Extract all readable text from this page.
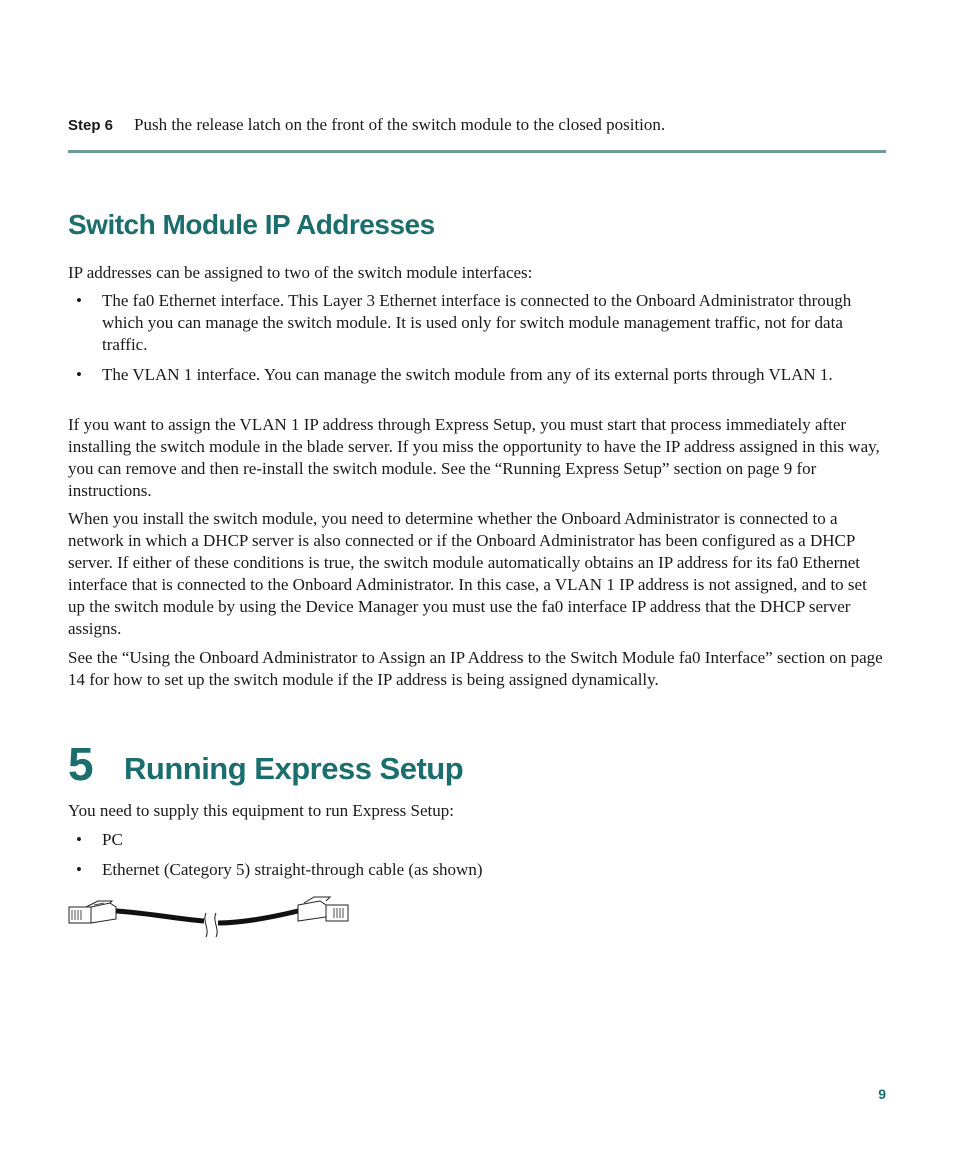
Step 6 Push the release latch on the front of the switch module to the closed position.
Switch Module IP Addresses
IP addresses can be assigned to two of the switch module interfaces:
• The fa0 Ethernet interface. This Layer 3 Ethernet interface is connected to the Onboard Administrator through which you can manage the switch module. It is used only for switch module management traffic, not for data traffic.
• The VLAN 1 interface. You can manage the switch module from any of its external ports through VLAN 1.
If you want to assign the VLAN 1 IP address through Express Setup, you must start that process immediately after installing the switch module in the blade server. If you miss the opportunity to have the IP address assigned in this way, you can remove and then re-install the switch module. See the “Running Express Setup” section on page 9 for instructions.
When you install the switch module, you need to determine whether the Onboard Administrator is connected to a network in which a DHCP server is also connected or if the Onboard Administrator has been configured as a DHCP server. If either of these conditions is true, the switch module automatically obtains an IP address for its fa0 Ethernet interface that is connected to the Onboard Administrator. In this case, a VLAN 1 IP address is not assigned, and to set up the switch module by using the Device Manager you must use the fa0 interface IP address that the DHCP server assigns.
See the “Using the Onboard Administrator to Assign an IP Address to the Switch Module fa0 Interface” section on page 14 for how to set up the switch module if the IP address is being assigned dynamically.
5 Running Express Setup
You need to supply this equipment to run Express Setup:
• PC
• Ethernet (Category 5) straight-through cable (as shown)
9
